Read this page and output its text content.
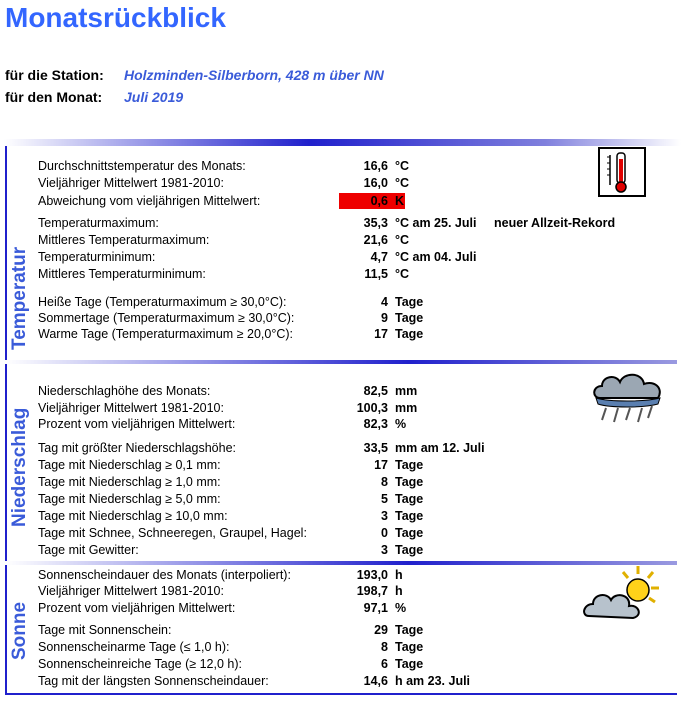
Monatsrückblick
für die Station: Holzminden-Silberborn, 428 m über NN
für den Monat: Juli 2019
Temperatur
Niederschlag
Sonne
Durchschnittstemperatur des Monats:	16,6 °C
Vieljähriger Mittelwert 1981-2010:	16,0 °C
Abweichung vom vieljährigen Mittelwert:	0,6 K
Temperaturmaximum:	35,3 °C am 25. Juli neuer Allzeit-Rekord
Mittleres Temperaturmaximum:	21,6 °C
Temperaturminimum:	4,7 °C am 04. Juli
Mittleres Temperaturminimum:	11,5 °C
Heiße Tage (Temperaturmaximum ≥ 30,0°C):	4 Tage
Sommertage (Temperaturmaximum ≥ 30,0°C):	9 Tage
Warme Tage (Temperaturmaximum ≥ 20,0°C):	17 Tage
Niederschlaghöhe des Monats:	82,5 mm
Vieljähriger Mittelwert 1981-2010:	100,3 mm
Prozent vom vieljährigen Mittelwert:	82,3 %
Tag mit größter Niederschlagshöhe:	33,5 mm am 12. Juli
Tage mit Niederschlag ≥ 0,1 mm:	17 Tage
Tage mit Niederschlag ≥ 1,0 mm:	8 Tage
Tage mit Niederschlag ≥ 5,0 mm:	5 Tage
Tage mit Niederschlag ≥ 10,0 mm:	3 Tage
Tage mit Schnee, Schneeregen, Graupel, Hagel:	0 Tage
Tage mit Gewitter:	3 Tage
Sonnenscheindauer des Monats (interpoliert):	193,0 h
Vieljähriger Mittelwert 1981-2010:	198,7 h
Prozent vom vieljährigen Mittelwert:	97,1 %
Tage mit Sonnenschein:	29 Tage
Sonnenscheinarme Tage (≤ 1,0 h):	8 Tage
Sonnenscheinreiche Tage (≥ 12,0 h):	6 Tage
Tag mit der längsten Sonnenscheindauer:	14,6 h am 23. Juli
